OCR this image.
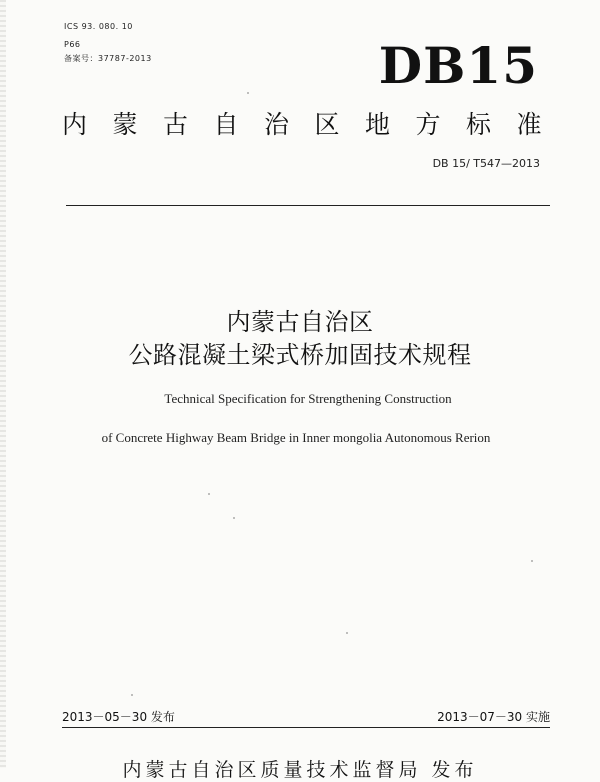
ICS 93. 080. 10
P66
备案号：37787-2013	DB15
内蒙古自治区地方标准
DB 15/ T547—2013
内蒙古自治区
公路混凝土梁式桥加固技术规程
Technical Specification for Strengthening Construction
of Concrete Highway Beam Bridge in Inner mongolia Autonomous Rerion
2013－05－30 发布	2013－07－30 实施
内蒙古自治区质量技术监督局 发布
